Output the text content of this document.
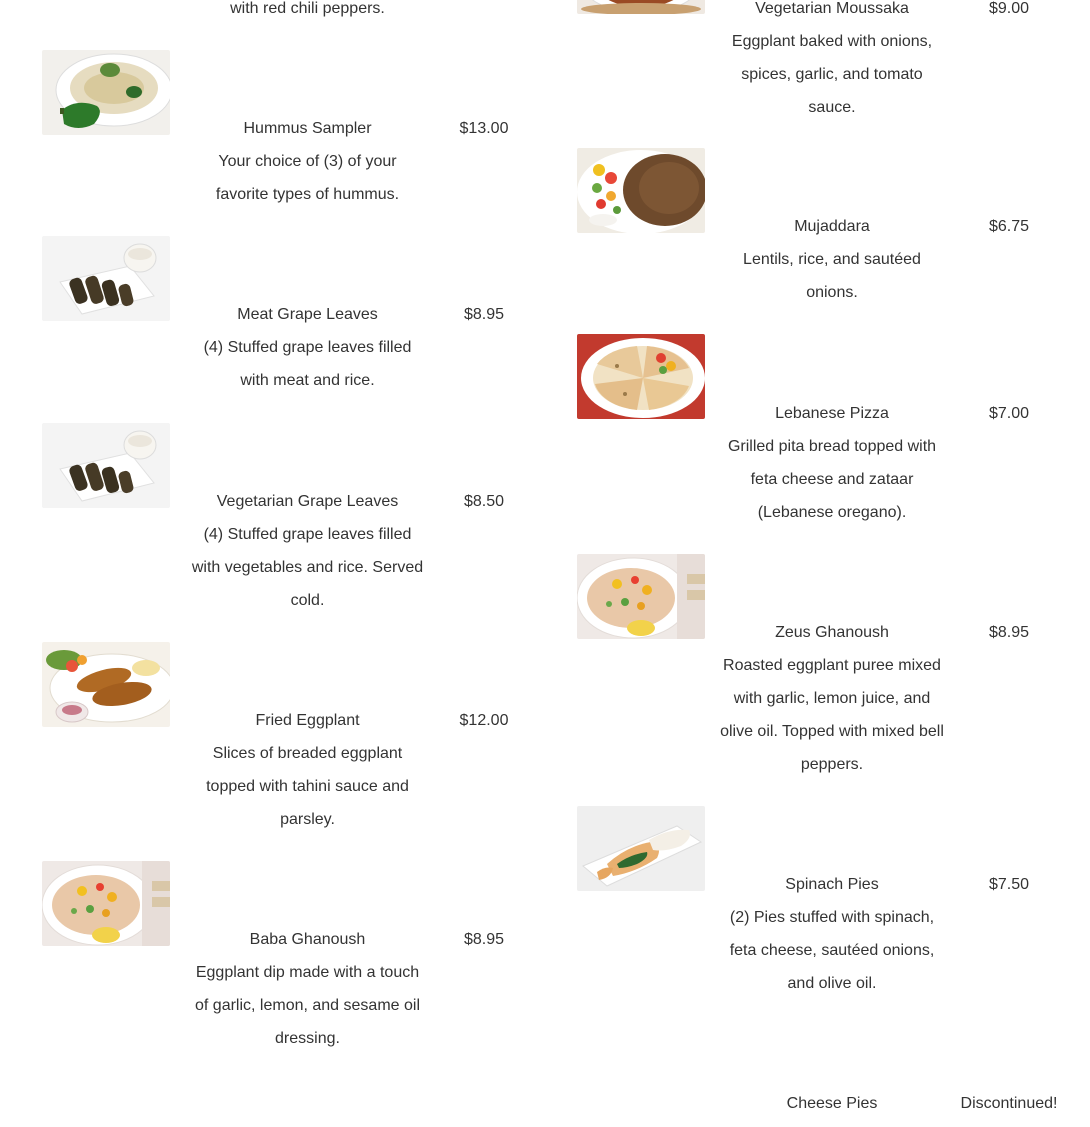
with red chili peppers.
Hummus Sampler
Your choice of (3) of your favorite types of hummus.
$13.00
Meat Grape Leaves
(4) Stuffed grape leaves filled with meat and rice.
$8.95
Vegetarian Grape Leaves
(4) Stuffed grape leaves filled with vegetables and rice. Served cold.
$8.50
Fried Eggplant
Slices of breaded eggplant topped with tahini sauce and parsley.
$12.00
Baba Ghanoush
Eggplant dip made with a touch of garlic, lemon, and sesame oil dressing.
$8.95
Vegetarian Moussaka
Eggplant baked with onions, spices, garlic, and tomato sauce.
$9.00
Mujaddara
Lentils, rice, and sautéed onions.
$6.75
Lebanese Pizza
Grilled pita bread topped with feta cheese and zataar (Lebanese oregano).
$7.00
Zeus Ghanoush
Roasted eggplant puree mixed with garlic, lemon juice, and olive oil. Topped with mixed bell peppers.
$8.95
Spinach Pies
(2) Pies stuffed with spinach, feta cheese, sautéed onions, and olive oil.
$7.50
Cheese Pies	Discontinued!
